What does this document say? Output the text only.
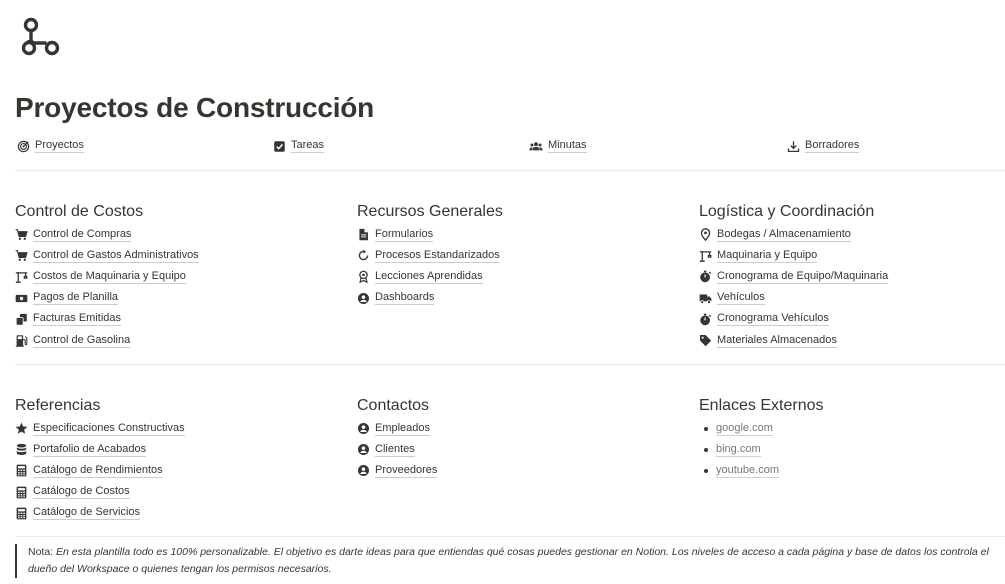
Proyectos de Construcción
Proyectos	Tareas	Minutas	Borradores
Control de Costos
Control de Compras
Control de Gastos Administrativos
Costos de Maquinaria y Equipo
Pagos de Planilla
Facturas Emitidas
Control de Gasolina
Recursos Generales
Formularios
Procesos Estandarizados
Lecciones Aprendidas
Dashboards
Logística y Coordinación
Bodegas / Almacenamiento
Maquinaria y Equipo
Cronograma de Equipo/Maquinaria
Vehículos
Cronograma Vehículos
Materiales Almacenados
Referencias
Especificaciones Constructivas
Portafolio de Acabados
Catálogo de Rendimientos
Catálogo de Costos
Catálogo de Servicios
Contactos
Empleados
Clientes
Proveedores
Enlaces Externos
google.com
bing.com
youtube.com
Nota: En esta plantilla todo es 100% personalizable. El objetivo es darte ideas para que entiendas qué cosas puedes gestionar en Notion. Los niveles de acceso a cada página y base de datos los controla el dueño del Workspace o quienes tengan los permisos necesarios.
